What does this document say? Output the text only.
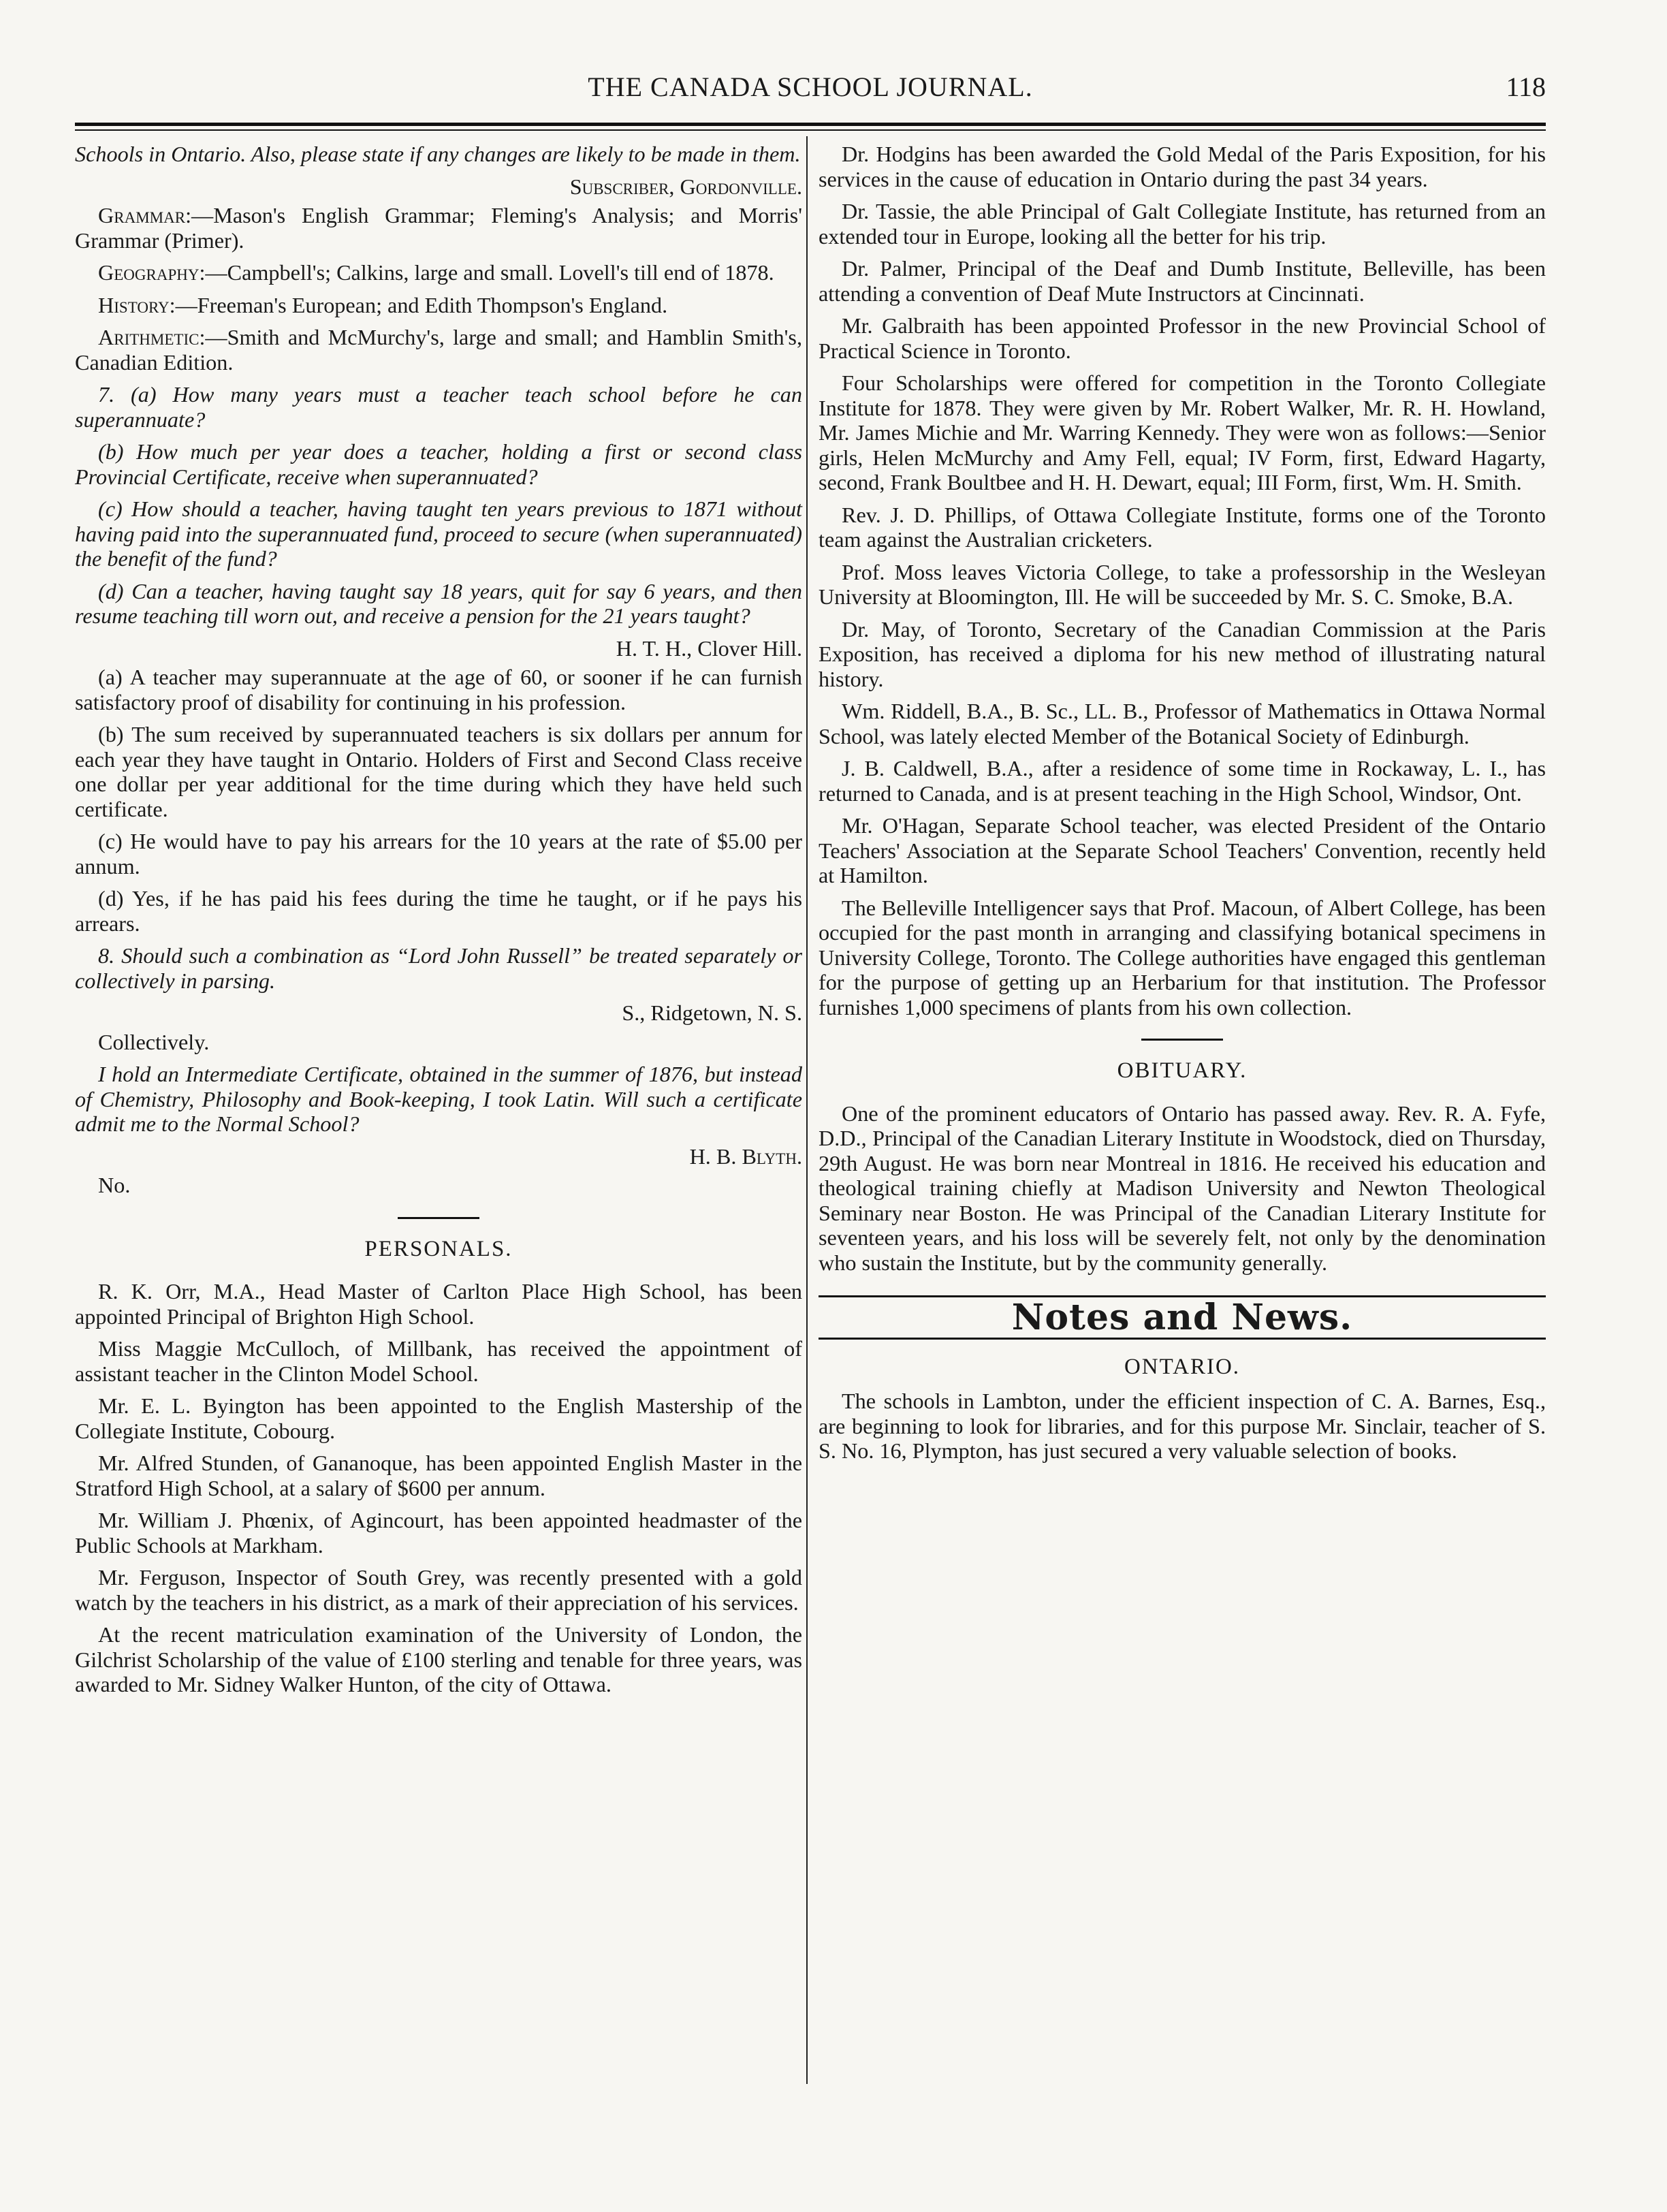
THE CANADA SCHOOL JOURNAL.	118

Schools in Ontario. Also, please state if any changes are likely to be made in them.

Subscriber, Gordonville.

Grammar:—Mason's English Grammar; Fleming's Analysis; and Morris' Grammar (Primer).

Geography:—Campbell's; Calkins, large and small. Lovell's till end of 1878.

History:—Freeman's European; and Edith Thompson's England.

Arithmetic:—Smith and McMurchy's, large and small; and Hamblin Smith's, Canadian Edition.

7. (a) How many years must a teacher teach school before he can superannuate?

(b) How much per year does a teacher, holding a first or second class Provincial Certificate, receive when superannuated?

(c) How should a teacher, having taught ten years previous to 1871 without having paid into the superannuated fund, proceed to secure (when superannuated) the benefit of the fund?

(d) Can a teacher, having taught say 18 years, quit for say 6 years, and then resume teaching till worn out, and receive a pension for the 21 years taught?

H. T. H., Clover Hill.

(a) A teacher may superannuate at the age of 60, or sooner if he can furnish satisfactory proof of disability for continuing in his profession.

(b) The sum received by superannuated teachers is six dollars per annum for each year they have taught in Ontario. Holders of First and Second Class receive one dollar per year additional for the time during which they have held such certificate.

(c) He would have to pay his arrears for the 10 years at the rate of $5.00 per annum.

(d) Yes, if he has paid his fees during the time he taught, or if he pays his arrears.

8. Should such a combination as “Lord John Russell” be treated separately or collectively in parsing.

S., Ridgetown, N. S.

Collectively.

I hold an Intermediate Certificate, obtained in the summer of 1876, but instead of Chemistry, Philosophy and Book-keeping, I took Latin. Will such a certificate admit me to the Normal School?

H. B. Blyth.

No.

PERSONALS.

R. K. Orr, M.A., Head Master of Carlton Place High School, has been appointed Principal of Brighton High School.

Miss Maggie McCulloch, of Millbank, has received the appointment of assistant teacher in the Clinton Model School.

Mr. E. L. Byington has been appointed to the English Mastership of the Collegiate Institute, Cobourg.

Mr. Alfred Stunden, of Gananoque, has been appointed English Master in the Stratford High School, at a salary of $600 per annum.

Mr. William J. Phœnix, of Agincourt, has been appointed headmaster of the Public Schools at Markham.

Mr. Ferguson, Inspector of South Grey, was recently presented with a gold watch by the teachers in his district, as a mark of their appreciation of his services.

At the recent matriculation examination of the University of London, the Gilchrist Scholarship of the value of £100 sterling and tenable for three years, was awarded to Mr. Sidney Walker Hunton, of the city of Ottawa.

Dr. Hodgins has been awarded the Gold Medal of the Paris Exposition, for his services in the cause of education in Ontario during the past 34 years.

Dr. Tassie, the able Principal of Galt Collegiate Institute, has returned from an extended tour in Europe, looking all the better for his trip.

Dr. Palmer, Principal of the Deaf and Dumb Institute, Belleville, has been attending a convention of Deaf Mute Instructors at Cincinnati.

Mr. Galbraith has been appointed Professor in the new Provincial School of Practical Science in Toronto.

Four Scholarships were offered for competition in the Toronto Collegiate Institute for 1878. They were given by Mr. Robert Walker, Mr. R. H. Howland, Mr. James Michie and Mr. Warring Kennedy. They were won as follows:—Senior girls, Helen McMurchy and Amy Fell, equal; IV Form, first, Edward Hagarty, second, Frank Boultbee and H. H. Dewart, equal; III Form, first, Wm. H. Smith.

Rev. J. D. Phillips, of Ottawa Collegiate Institute, forms one of the Toronto team against the Australian cricketers.

Prof. Moss leaves Victoria College, to take a professorship in the Wesleyan University at Bloomington, Ill. He will be succeeded by Mr. S. C. Smoke, B.A.

Dr. May, of Toronto, Secretary of the Canadian Commission at the Paris Exposition, has received a diploma for his new method of illustrating natural history.

Wm. Riddell, B.A., B. Sc., LL. B., Professor of Mathematics in Ottawa Normal School, was lately elected Member of the Botanical Society of Edinburgh.

J. B. Caldwell, B.A., after a residence of some time in Rockaway, L. I., has returned to Canada, and is at present teaching in the High School, Windsor, Ont.

Mr. O'Hagan, Separate School teacher, was elected President of the Ontario Teachers' Association at the Separate School Teachers' Convention, recently held at Hamilton.

The Belleville Intelligencer says that Prof. Macoun, of Albert College, has been occupied for the past month in arranging and classifying botanical specimens in University College, Toronto. The College authorities have engaged this gentleman for the purpose of getting up an Herbarium for that institution. The Professor furnishes 1,000 specimens of plants from his own collection.

OBITUARY.

One of the prominent educators of Ontario has passed away. Rev. R. A. Fyfe, D.D., Principal of the Canadian Literary Institute in Woodstock, died on Thursday, 29th August. He was born near Montreal in 1816. He received his education and theological training chiefly at Madison University and Newton Theological Seminary near Boston. He was Principal of the Canadian Literary Institute for seventeen years, and his loss will be severely felt, not only by the denomination who sustain the Institute, but by the community generally.

Notes and News.
ONTARIO.

The schools in Lambton, under the efficient inspection of C. A. Barnes, Esq., are beginning to look for libraries, and for this purpose Mr. Sinclair, teacher of S. S. No. 16, Plympton, has just secured a very valuable selection of books.
